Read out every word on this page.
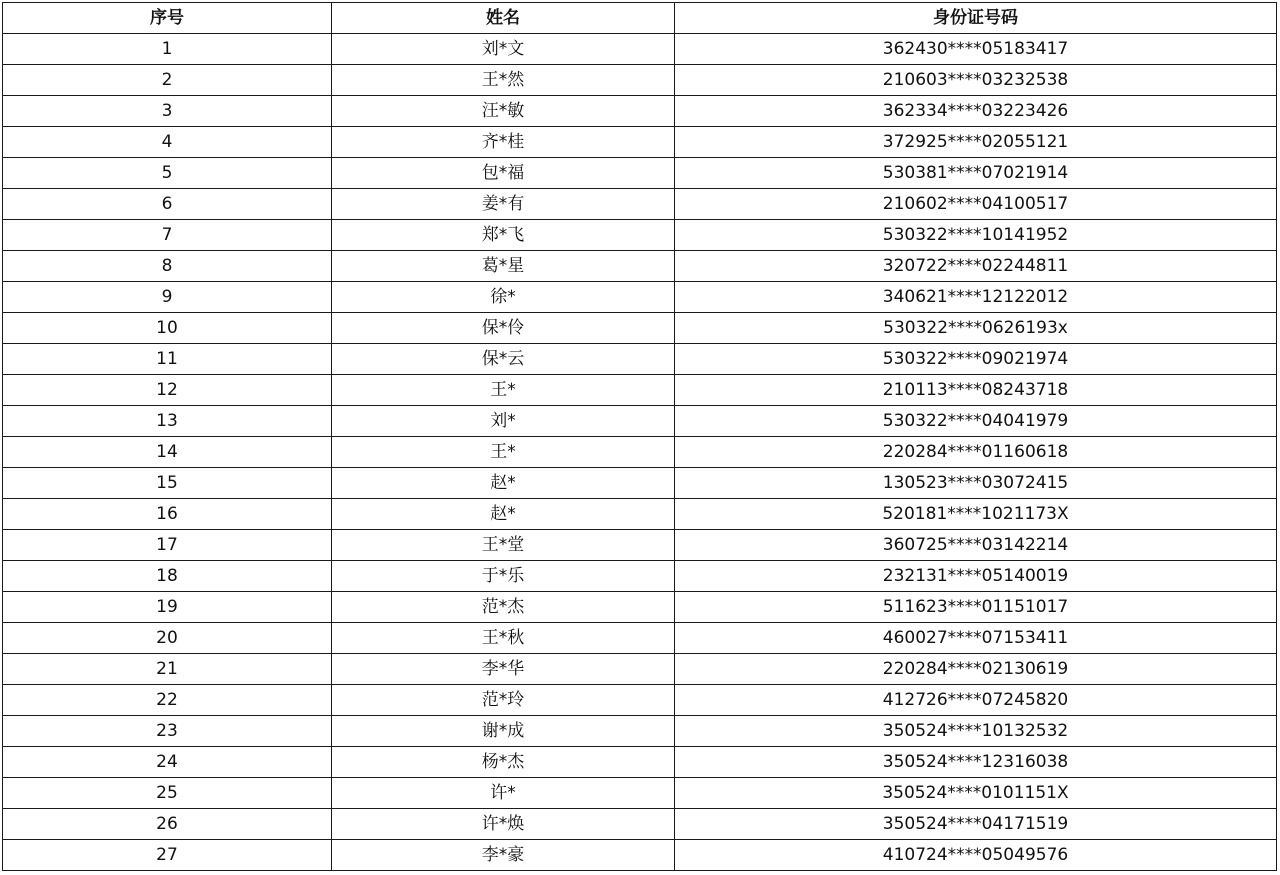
序号	姓名	身份证号码
1	刘*文	362430****05183417
2	王*然	210603****03232538
3	汪*敏	362334****03223426
4	齐*桂	372925****02055121
5	包*福	530381****07021914
6	姜*有	210602****04100517
7	郑*飞	530322****10141952
8	葛*星	320722****02244811
9	徐*	340621****12122012
10	保*伶	530322****0626193x
11	保*云	530322****09021974
12	王*	210113****08243718
13	刘*	530322****04041979
14	王*	220284****01160618
15	赵*	130523****03072415
16	赵*	520181****1021173X
17	王*堂	360725****03142214
18	于*乐	232131****05140019
19	范*杰	511623****01151017
20	王*秋	460027****07153411
21	李*华	220284****02130619
22	范*玲	412726****07245820
23	谢*成	350524****10132532
24	杨*杰	350524****12316038
25	许*	350524****0101151X
26	许*焕	350524****04171519
27	李*豪	410724****05049576
